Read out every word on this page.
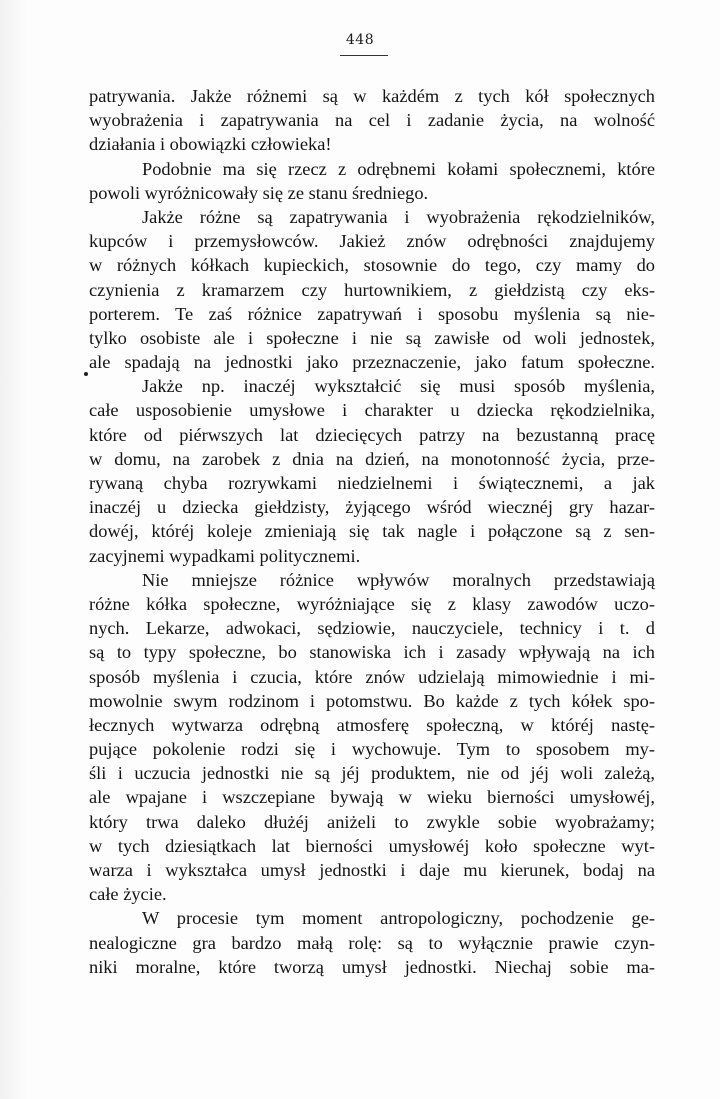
448
patrywania. Jakże różnemi są w każdém z tych kół społecznych
wyobrażenia i zapatrywania na cel i zadanie życia, na wolność
działania i obowiązki człowieka!
Podobnie ma się rzecz z odrębnemi kołami społecznemi, które
powoli wyróżnicowały się ze stanu średniego.
Jakże różne są zapatrywania i wyobrażenia rękodzielników,
kupców i przemysłowców. Jakież znów odrębności znajdujemy
w różnych kółkach kupieckich, stosownie do tego, czy mamy do
czynienia z kramarzem czy hurtownikiem, z giełdzistą czy eks-
porterem. Te zaś różnice zapatrywań i sposobu myślenia są nie-
tylko osobiste ale i społeczne i nie są zawisłe od woli jednostek,
ale spadają na jednostki jako przeznaczenie, jako fatum społeczne.
Jakże np. inaczéj wykształcić się musi sposób myślenia,
całe usposobienie umysłowe i charakter u dziecka rękodzielnika,
które od piérwszych lat dziecięcych patrzy na bezustanną pracę
w domu, na zarobek z dnia na dzień, na monotonność życia, prze-
rywaną chyba rozrywkami niedzielnemi i świątecznemi, a jak
inaczéj u dziecka giełdzisty, żyjącego wśród wiecznéj gry hazar-
dowéj, któréj koleje zmieniają się tak nagle i połączone są z sen-
zacyjnemi wypadkami politycznemi.
Nie mniejsze różnice wpływów moralnych przedstawiają
różne kółka społeczne, wyróżniające się z klasy zawodów uczo-
nych. Lekarze, adwokaci, sędziowie, nauczyciele, technicy i t. d
są to typy społeczne, bo stanowiska ich i zasady wpływają na ich
sposób myślenia i czucia, które znów udzielają mimowiednie i mi-
mowolnie swym rodzinom i potomstwu. Bo każde z tych kółek spo-
łecznych wytwarza odrębną atmosferę społeczną, w któréj nastę-
pujące pokolenie rodzi się i wychowuje. Tym to sposobem my-
śli i uczucia jednostki nie są jéj produktem, nie od jéj woli zależą,
ale wpajane i wszczepiane bywają w wieku bierności umysłowéj,
który trwa daleko dłużéj aniżeli to zwykle sobie wyobrażamy;
w tych dziesiątkach lat bierności umysłowéj koło społeczne wyt-
warza i wykształca umysł jednostki i daje mu kierunek, bodaj na
całe życie.
W procesie tym moment antropologiczny, pochodzenie ge-
nealogiczne gra bardzo małą rolę: są to wyłącznie prawie czyn-
niki moralne, które tworzą umysł jednostki. Niechaj sobie ma-
